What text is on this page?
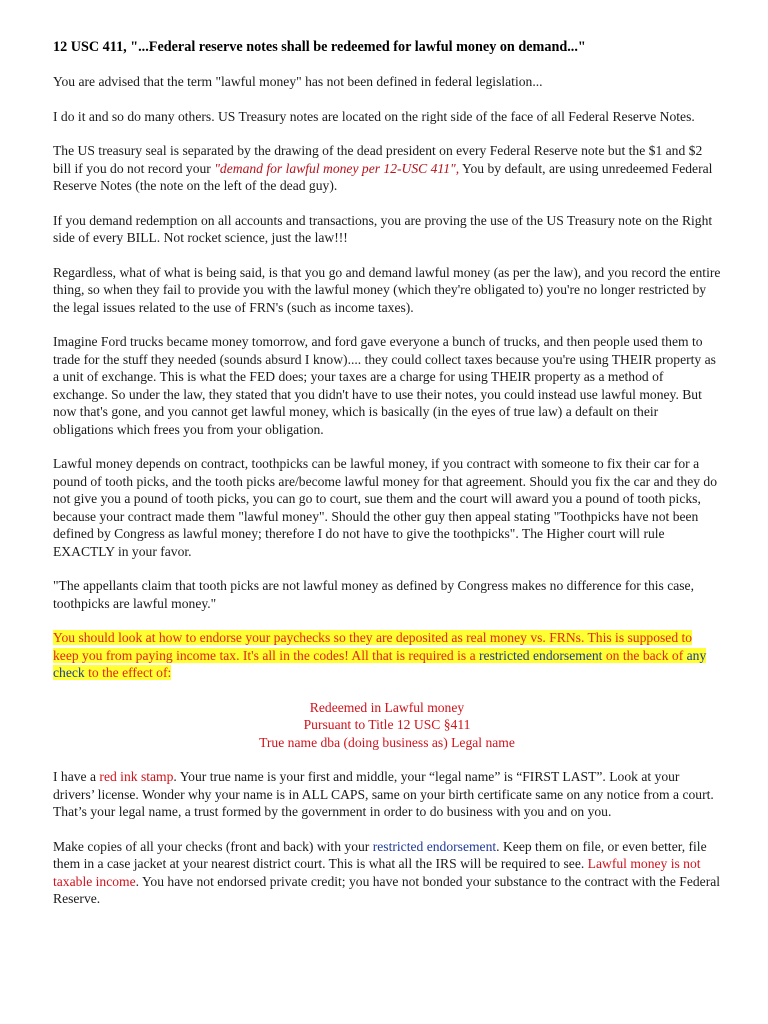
12 USC 411, "...Federal reserve notes shall be redeemed for lawful money on demand..."

You are advised that the term "lawful money" has not been defined in federal legislation...

I do it and so do many others. US Treasury notes are located on the right side of the face of all Federal Reserve Notes.

The US treasury seal is separated by the drawing of the dead president on every Federal Reserve note but the $1 and $2 bill if you do not record your "demand for lawful money per 12-USC 411", You by default, are using unredeemed Federal Reserve Notes (the note on the left of the dead guy).

If you demand redemption on all accounts and transactions, you are proving the use of the US Treasury note on the Right side of every BILL. Not rocket science, just the law!!!

Regardless, what of what is being said, is that you go and demand lawful money (as per the law), and you record the entire thing, so when they fail to provide you with the lawful money (which they're obligated to) you're no longer restricted by the legal issues related to the use of FRN's (such as income taxes).

Imagine Ford trucks became money tomorrow, and ford gave everyone a bunch of trucks, and then people used them to trade for the stuff they needed (sounds absurd I know).... they could collect taxes because you're using THEIR property as a unit of exchange. This is what the FED does; your taxes are a charge for using THEIR property as a method of exchange. So under the law, they stated that you didn't have to use their notes, you could instead use lawful money. But now that's gone, and you cannot get lawful money, which is basically (in the eyes of true law) a default on their obligations which frees you from your obligation.

Lawful money depends on contract, toothpicks can be lawful money, if you contract with someone to fix their car for a pound of tooth picks, and the tooth picks are/become lawful money for that agreement. Should you fix the car and they do not give you a pound of tooth picks, you can go to court, sue them and the court will award you a pound of tooth picks, because your contract made them "lawful money". Should the other guy then appeal stating "Toothpicks have not been defined by Congress as lawful money; therefore I do not have to give the toothpicks". The Higher court will rule EXACTLY in your favor.

"The appellants claim that tooth picks are not lawful money as defined by Congress makes no difference for this case, toothpicks are lawful money."

You should look at how to endorse your paychecks so they are deposited as real money vs. FRNs. This is supposed to keep you from paying income tax. It's all in the codes! All that is required is a restricted endorsement on the back of any check to the effect of:

Redeemed in Lawful money
Pursuant to Title 12 USC §411
True name dba (doing business as) Legal name

I have a red ink stamp. Your true name is your first and middle, your “legal name” is “FIRST LAST”. Look at your drivers’ license. Wonder why your name is in ALL CAPS, same on your birth certificate same on any notice from a court. That’s your legal name, a trust formed by the government in order to do business with you and on you.

Make copies of all your checks (front and back) with your restricted endorsement. Keep them on file, or even better, file them in a case jacket at your nearest district court. This is what all the IRS will be required to see. Lawful money is not taxable income. You have not endorsed private credit; you have not bonded your substance to the contract with the Federal Reserve.
